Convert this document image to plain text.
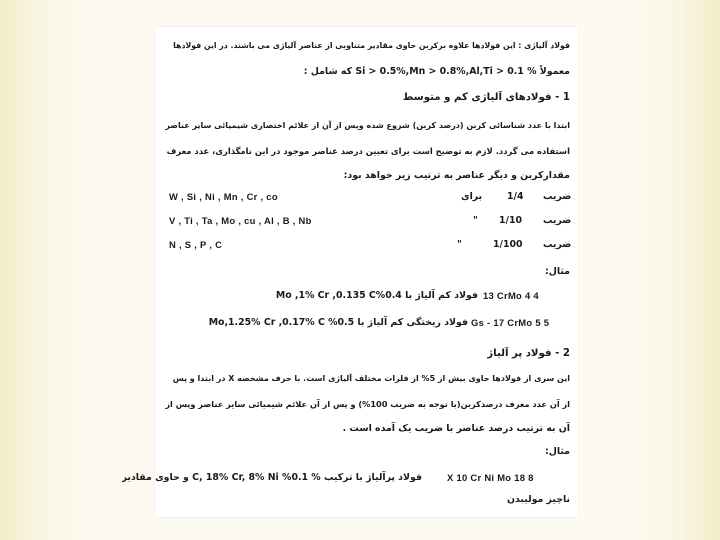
فولاد آلیاژی : این فولادها علاوه برکربن حاوی مقادیر متناوبی از عناصر آلیاژی می باشند. در این فولادها
معمولاً % Si > 0.5%,Mn > 0.8%,Al,Ti > 0.1 که شامل :
1 - فولادهای آلیاژی کم و متوسط
ابتدا با عدد شناسائی کربن (درصد کربن) شروع شده وپس از آن از علائم اختصاری شیمیائی سایر عناصر
استفاده می گردد. لازم به توضیح است برای تعیین درصد عناصر موجود در این نامگذاری، عدد معرف
مقدارکربن و دیگر عناصر به ترتیب زیر خواهد بود:
W , Si , Ni , Mn , Cr , co	برای	1/4 ضریب
V , Ti , Ta , Mo , cu , Al , B , Nb	" 1/10 ضریب
N , S , P , C	"	1/100 ضریب
مثال:
فولاد کم آلیاژ با 0.4%Mo ,1% Cr ,0.135 C 13 CrMo 4 4
فولاد ریختگی کم آلیاژ با 0.5% Mo,1.25% Cr ,0.17% C Gs - 17 CrMo 5 5
2 - فولاد پر آلیاژ
این سری از فولادها حاوی بیش از 5% از فلزات مختلف آلیاژی است. با حرف مشخصه X در ابتدا و پس
از آن عدد معرف درصدکربن(با توجه به ضریب 100%) و پس از آن علائم شیمیائی سایر عناصر وپس از
آن به ترتیب درصد عناصر با ضریب یک آمده است .
مثال:
فولاد پرآلیاژ با ترکیب % 0.1% C, 18% Cr, 8% Ni و حاوی مقادیر	X 10 Cr Ni Mo 18 8
ناچیز مولیبدن
